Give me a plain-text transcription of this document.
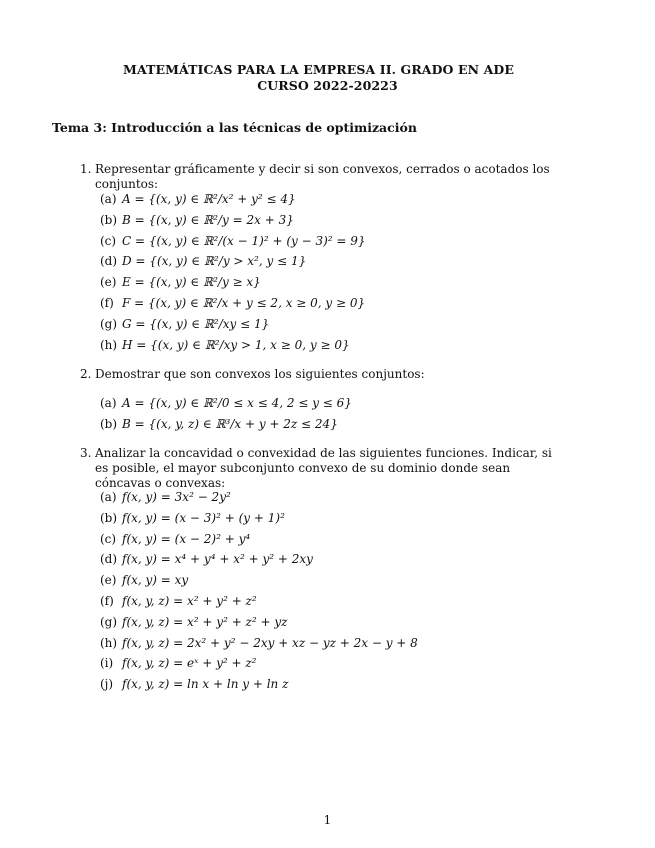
MATEMÁTICAS PARA LA EMPRESA II. GRADO EN ADE
CURSO 2022-20223
Tema 3: Introducción a las técnicas de optimización
1. Representar gráficamente y decir si son convexos, cerrados o acotados los conjuntos:
(a) A = {(x, y) ∈ ℝ²/x² + y² ≤ 4}
(b) B = {(x, y) ∈ ℝ²/y = 2x + 3}
(c) C = {(x, y) ∈ ℝ²/(x − 1)² + (y − 3)² = 9}
(d) D = {(x, y) ∈ ℝ²/y > x², y ≤ 1}
(e) E = {(x, y) ∈ ℝ²/y ≥ x}
(f) F = {(x, y) ∈ ℝ²/x + y ≤ 2, x ≥ 0, y ≥ 0}
(g) G = {(x, y) ∈ ℝ²/xy ≤ 1}
(h) H = {(x, y) ∈ ℝ²/xy > 1, x ≥ 0, y ≥ 0}
2. Demostrar que son convexos los siguientes conjuntos:
(a) A = {(x, y) ∈ ℝ²/0 ≤ x ≤ 4, 2 ≤ y ≤ 6}
(b) B = {(x, y, z) ∈ ℝ³/x + y + 2z ≤ 24}
3. Analizar la concavidad o convexidad de las siguientes funciones. Indicar, si es posible, el mayor subconjunto convexo de su dominio donde sean cóncavas o convexas:
(a) f(x, y) = 3x² − 2y²
(b) f(x, y) = (x − 3)² + (y + 1)²
(c) f(x, y) = (x − 2)² + y⁴
(d) f(x, y) = x⁴ + y⁴ + x² + y² + 2xy
(e) f(x, y) = xy
(f) f(x, y, z) = x² + y² + z²
(g) f(x, y, z) = x² + y² + z² + yz
(h) f(x, y, z) = 2x² + y² − 2xy + xz − yz + 2x − y + 8
(i) f(x, y, z) = eˣ + y² + z²
(j) f(x, y, z) = ln x + ln y + ln z
1
